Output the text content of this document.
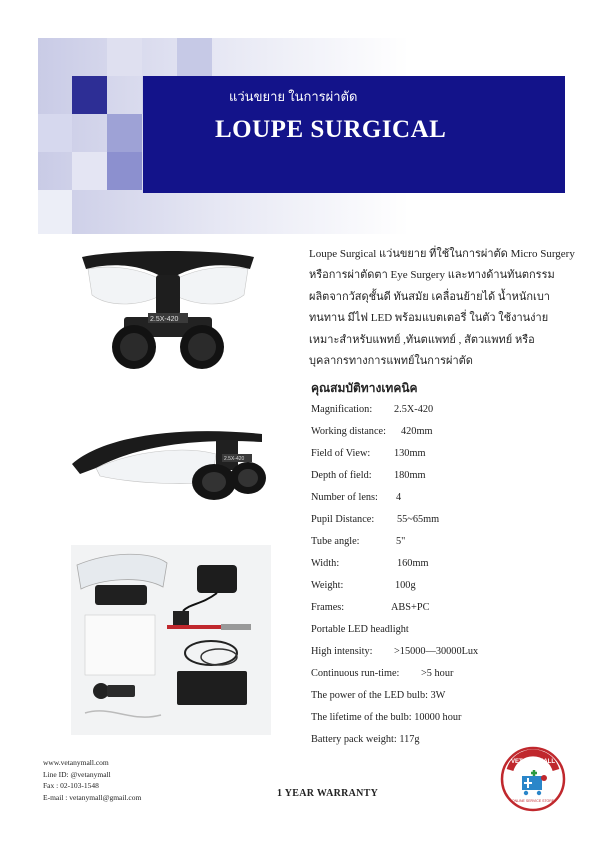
แว่นขยาย ในการผ่าตัด
LOUPE SURGICAL
2.5X-420
2.5X-420
Loupe Surgical แว่นขยาย ที่ใช้ในการผ่าตัด Micro Surgery
หรือการผ่าตัดตา Eye Surgery และทางด้านทันตกรรม
ผลิตจากวัสดุชั้นดี ทันสมัย เคลื่อนย้ายได้ น้ำหนักเบา
ทนทาน มีไฟ LED พร้อมแบตเตอรี่ ในตัว ใช้งานง่าย
เหมาะสำหรับแพทย์ ,ทันตแพทย์ , สัตวแพทย์ หรือ
บุคลากรทางการแพทย์ในการผ่าตัด
คุณสมบัติทางเทคนิค
Magnification: 2.5X-420
Working distance: 420mm
Field of View: 130mm
Depth of field: 180mm
Number of lens: 4
Pupil Distance: 55~65mm
Tube angle:	5"
Width:	160mm
Weight:	100g
Frames:	ABS+PC
Portable LED headlight
High intensity: >15000—30000Lux
Continuous run-time: >5 hour
The power of the LED bulb: 3W
The lifetime of the bulb: 10000 hour
Battery pack weight: 117g
www.vetanymall.com
Line ID: @vetanymall
Fax : 02-103-1548
E-mail : vetanymall@gmail.com	1 YEAR WARRANTY
VET ANY MALL
ONLINE SERVICE STORE
